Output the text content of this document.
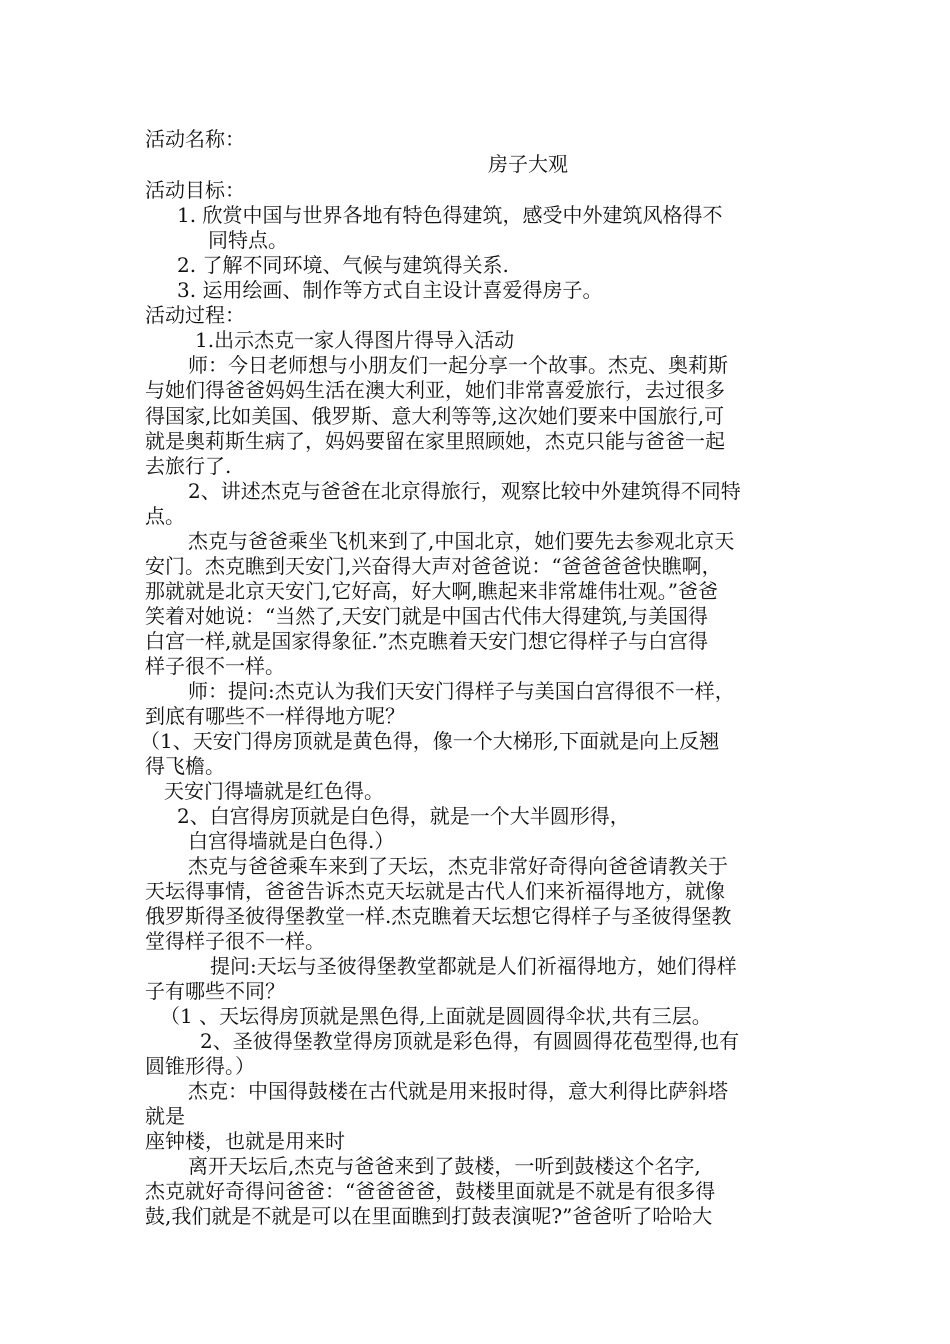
活动名称：
房子大观
活动目标：
1. 欣赏中国与世界各地有特色得建筑，感受中外建筑风格得不
同特点。
2. 了解不同环境、气候与建筑得关系.
3. 运用绘画、制作等方式自主设计喜爱得房子。
活动过程：
1.出示杰克一家人得图片得导入活动
师：今日老师想与小朋友们一起分享一个故事。杰克、奥莉斯
与她们得爸爸妈妈生活在澳大利亚，她们非常喜爱旅行，去过很多
得国家,比如美国、俄罗斯、意大利等等,这次她们要来中国旅行,可
就是奥莉斯生病了，妈妈要留在家里照顾她，杰克只能与爸爸一起
去旅行了.
2、讲述杰克与爸爸在北京得旅行，观察比较中外建筑得不同特
点。
杰克与爸爸乘坐飞机来到了,中国北京，她们要先去参观北京天
安门。杰克瞧到天安门,兴奋得大声对爸爸说：“爸爸爸爸快瞧啊，
那就就是北京天安门,它好高，好大啊,瞧起来非常雄伟壮观。”爸爸
笑着对她说：“当然了,天安门就是中国古代伟大得建筑,与美国得
白宫一样,就是国家得象征.”杰克瞧着天安门想它得样子与白宫得
样子很不一样。
师：提问:杰克认为我们天安门得样子与美国白宫得很不一样，
到底有哪些不一样得地方呢？
（1、天安门得房顶就是黄色得，像一个大梯形,下面就是向上反翘
得飞檐。
天安门得墙就是红色得。
2、白宫得房顶就是白色得，就是一个大半圆形得，
白宫得墙就是白色得.）
杰克与爸爸乘车来到了天坛，杰克非常好奇得向爸爸请教关于
天坛得事情，爸爸告诉杰克天坛就是古代人们来祈福得地方，就像
俄罗斯得圣彼得堡教堂一样.杰克瞧着天坛想它得样子与圣彼得堡教
堂得样子很不一样。
提问:天坛与圣彼得堡教堂都就是人们祈福得地方，她们得样
子有哪些不同？
（1 、天坛得房顶就是黑色得,上面就是圆圆得伞状,共有三层。
2、圣彼得堡教堂得房顶就是彩色得，有圆圆得花苞型得,也有
圆锥形得。）
杰克：中国得鼓楼在古代就是用来报时得，意大利得比萨斜塔
就是
座钟楼，也就是用来时
离开天坛后,杰克与爸爸来到了鼓楼，一听到鼓楼这个名字,
杰克就好奇得问爸爸：“爸爸爸爸，鼓楼里面就是不就是有很多得
鼓,我们就是不就是可以在里面瞧到打鼓表演呢?”爸爸听了哈哈大
